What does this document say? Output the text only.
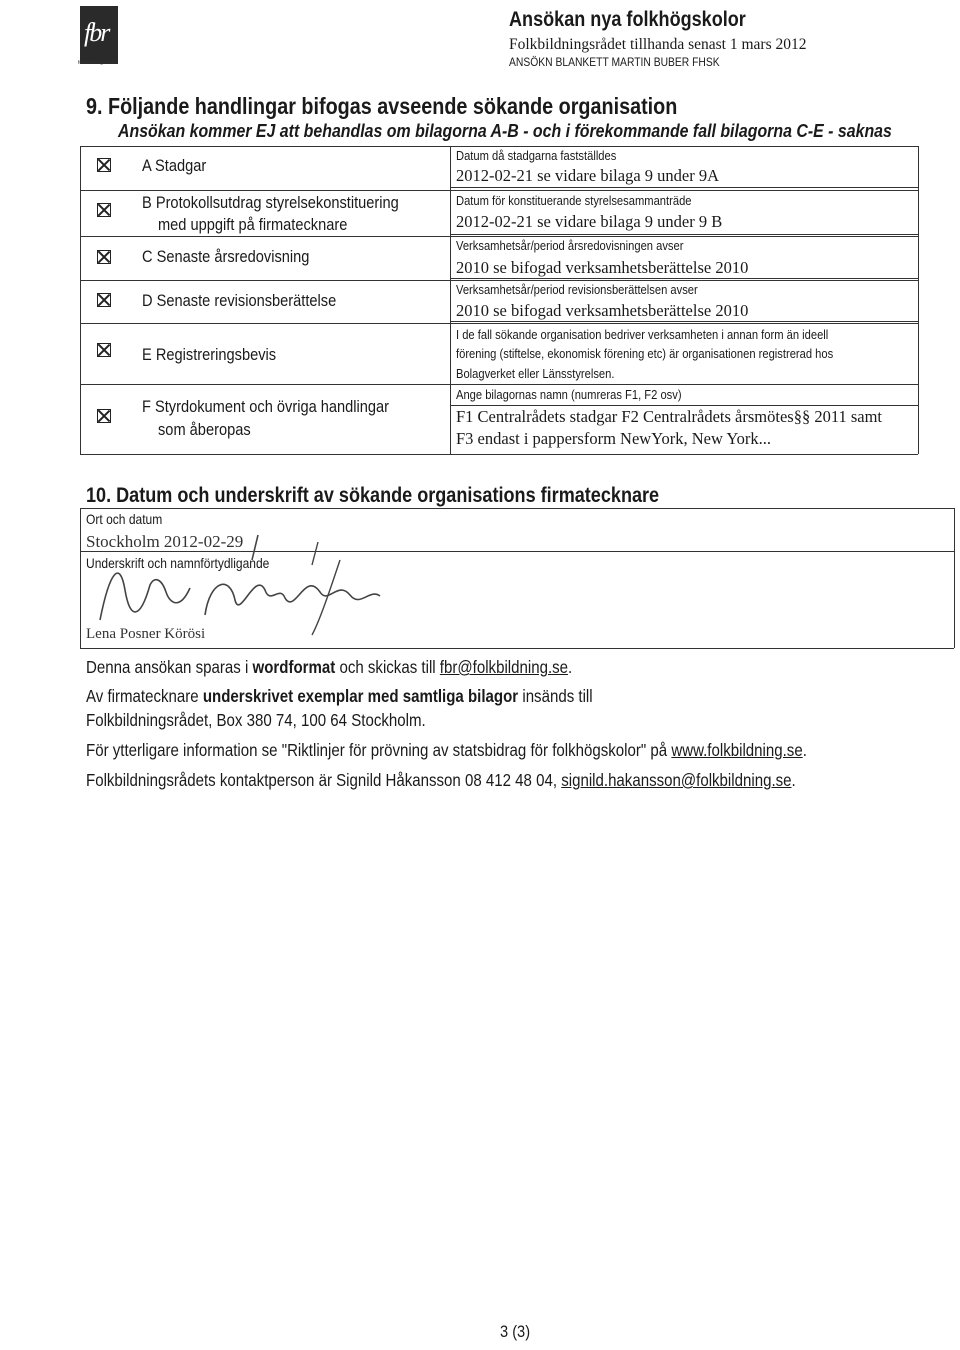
fbr
folkbildningsrådet
Ansökan nya folkhögskolor
Folkbildningsrådet tillhanda senast 1 mars 2012
ANSÖKN BLANKETT MARTIN BUBER FHSK
9. Följande handlingar bifogas avseende sökande organisation
Ansökan kommer EJ att behandlas om bilagorna A-B - och i förekommande fall bilagorna C-E - saknas
A Stadgar
Datum då stadgarna fastställdes
2012-02-21 se vidare bilaga 9 under 9A
B Protokollsutdrag styrelsekonstituering
med uppgift på firmatecknare
Datum för konstituerande styrelsesammanträde
2012-02-21 se vidare bilaga 9 under 9 B
C Senaste årsredovisning
Verksamhetsår/period årsredovisningen avser
2010 se bifogad verksamhetsberättelse 2010
D Senaste revisionsberättelse
Verksamhetsår/period revisionsberättelsen avser
2010 se bifogad verksamhetsberättelse 2010
E Registreringsbevis
I de fall sökande organisation bedriver verksamheten i annan form än ideell
förening (stiftelse, ekonomisk förening etc) är organisationen registrerad hos
Bolagverket eller Länsstyrelsen.
F Styrdokument och övriga handlingar
som åberopas
Ange bilagornas namn (numreras F1, F2 osv)
F1 Centralrådets stadgar F2 Centralrådets årsmötes§§ 2011 samt
F3 endast i pappersform NewYork, New York...
10. Datum och underskrift av sökande organisations firmatecknare
Ort och datum
Stockholm 2012-02-29
Underskrift och namnförtydligande
Lena Posner Körösi
Denna ansökan sparas i wordformat och skickas till fbr@folkbildning.se.
Av firmatecknare underskrivet exemplar med samtliga bilagor insänds till
Folkbildningsrådet, Box 380 74, 100 64 Stockholm.
För ytterligare information se "Riktlinjer för prövning av statsbidrag för folkhögskolor" på www.folkbildning.se.
Folkbildningsrådets kontaktperson är Signild Håkansson 08 412 48 04, signild.hakansson@folkbildning.se.
3 (3)
